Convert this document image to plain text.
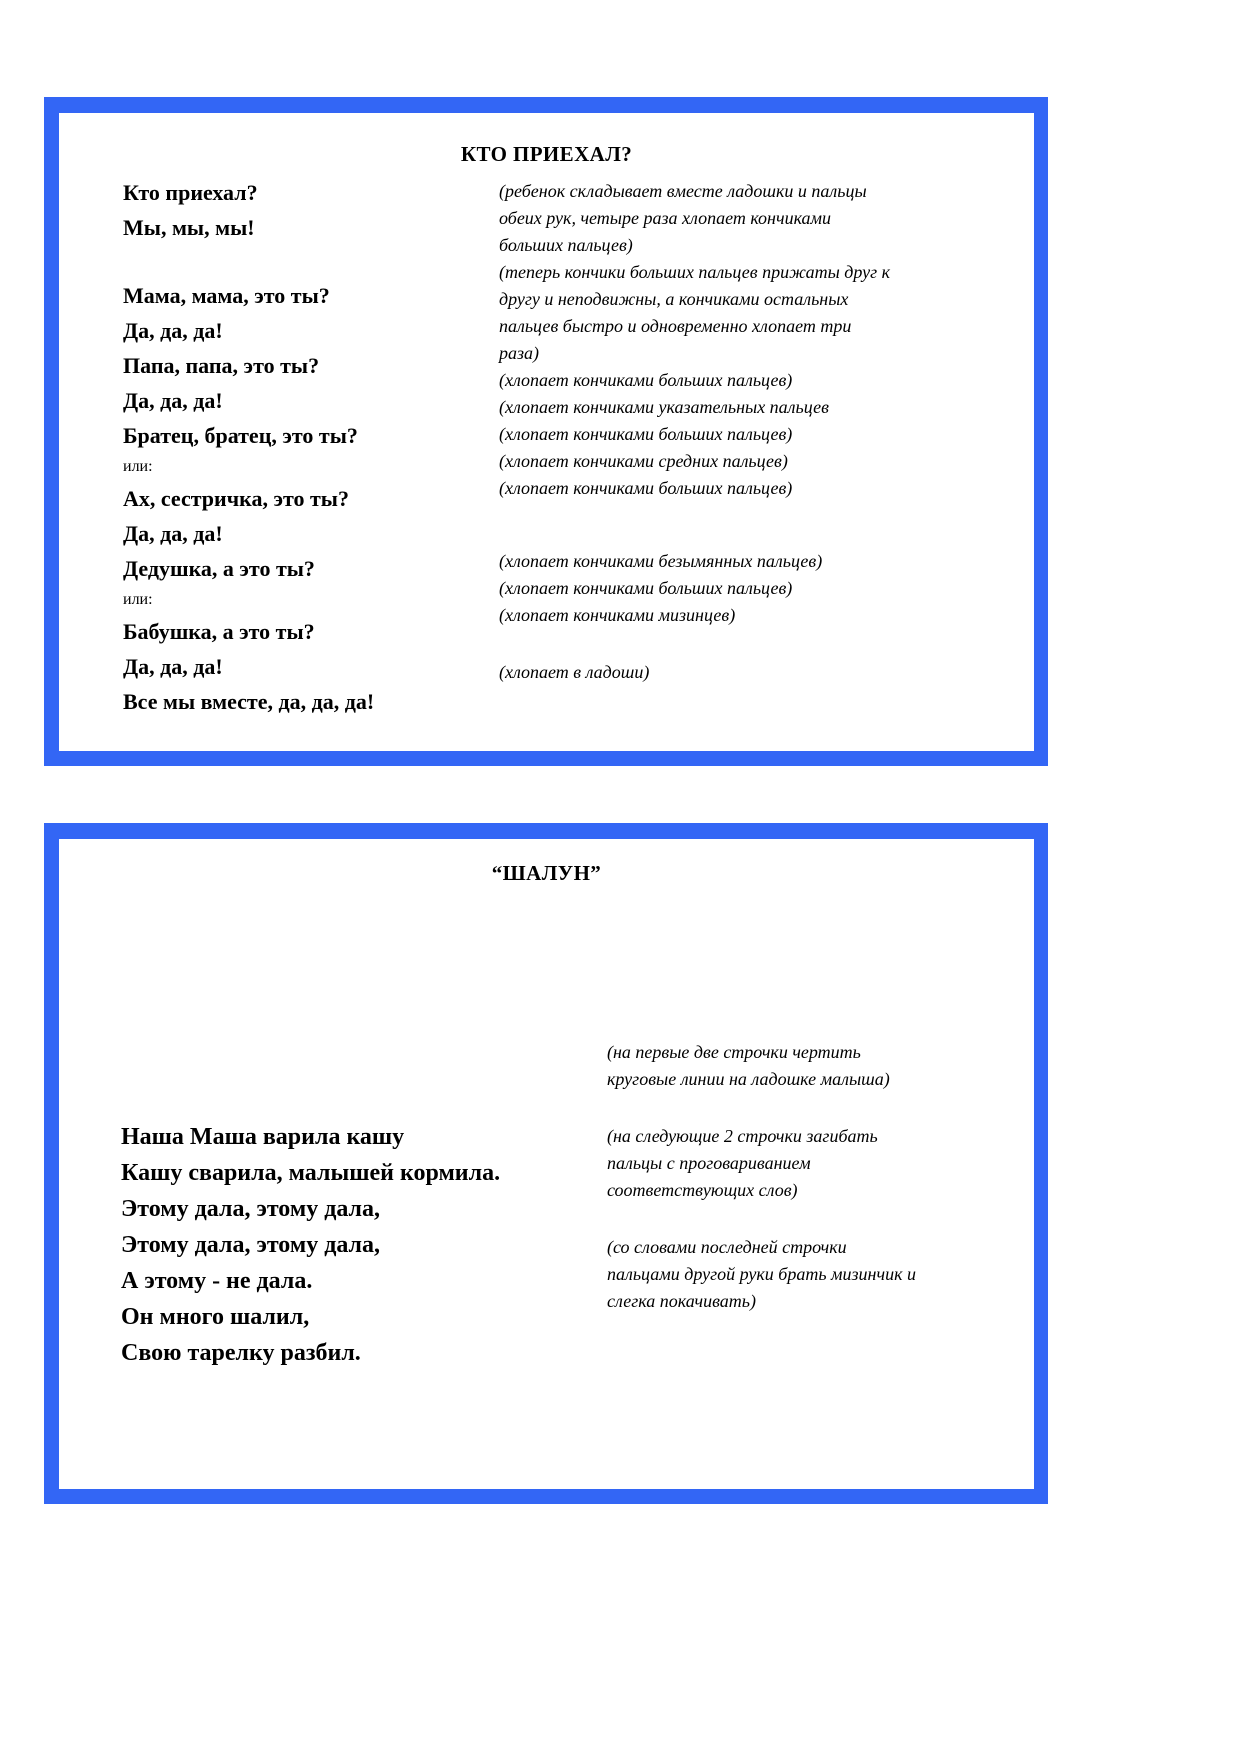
КТО ПРИЕХАЛ?
Кто приехал?
Мы, мы, мы!
Мама, мама, это ты?
Да, да, да!
Папа, папа, это ты?
Да, да, да!
Братец, братец, это ты?
или:
Ах, сестричка, это ты?
Да, да, да!
Дедушка, а это ты?
или:
Бабушка, а это ты?
Да, да, да!
Все мы вместе, да, да, да!
(ребенок складывает вместе ладошки и пальцы
обеих рук, четыре раза хлопает кончиками
больших пальцев)
(теперь кончики больших пальцев прижаты друг к
другу и неподвижны, а кончиками остальных
пальцев быстро и одновременно хлопает три
раза)
(хлопает кончиками больших пальцев)
(хлопает кончиками указательных пальцев
(хлопает кончиками больших пальцев)
(хлопает кончиками средних пальцев)
(хлопает кончиками больших пальцев)
(хлопает кончиками безымянных пальцев)
(хлопает кончиками больших пальцев)
(хлопает кончиками мизинцев)
(хлопает в ладоши)
“ШАЛУН”
Наша Маша варила кашу
Кашу сварила, малышей кормила.
Этому дала, этому дала,
Этому дала, этому дала,
А этому - не дала.
Он много шалил,
Свою тарелку разбил.
(на первые две строчки чертить
круговые линии на ладошке малыша)
(на следующие 2 строчки загибать
пальцы с проговариванием
соответствующих слов)
(со словами последней строчки
пальцами другой руки брать мизинчик и
слегка покачивать)
